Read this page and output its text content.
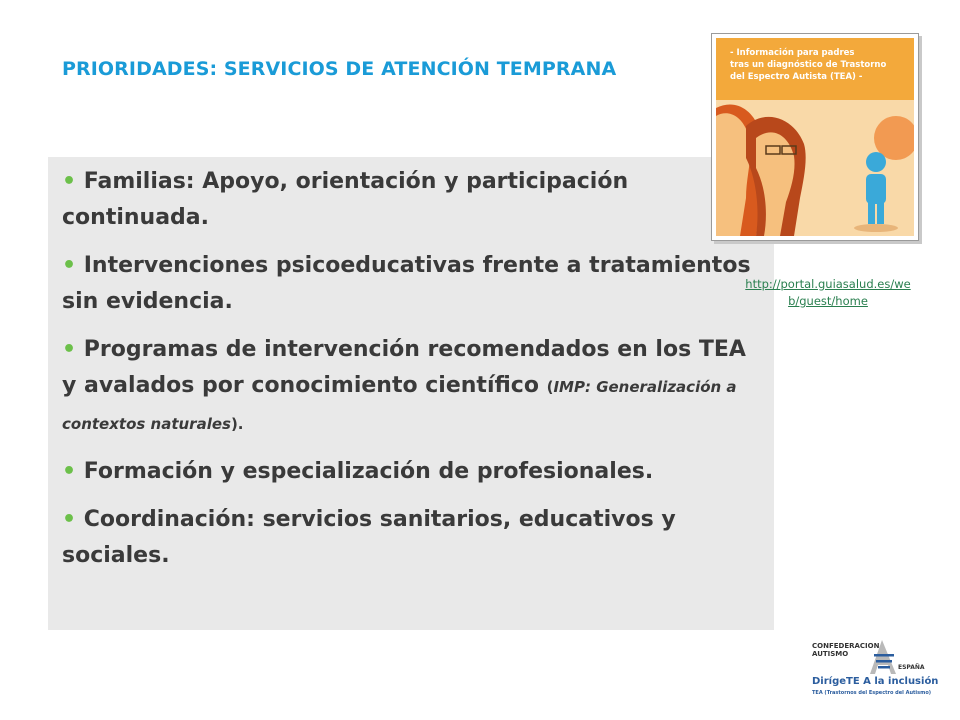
PRIORIDADES: SERVICIOS DE ATENCIÓN TEMPRANA
• Familias: Apoyo, orientación y participación continuada.
• Intervenciones psicoeducativas frente a tratamientos sin evidencia.
• Programas de intervención recomendados en los TEA y avalados por conocimiento científico (IMP: Generalización a contextos naturales).
• Formación y especialización de profesionales.
• Coordinación: servicios sanitarios, educativos y sociales.
- Información para padres
tras un diagnóstico de Trastorno
del Espectro Autista (TEA) -
http://portal.guiasalud.es/we
b/guest/home
CONFEDERACION
AUTISMO
ESPAÑA
DirígeTE A la inclusión
TEA (Trastornos del Espectro del Autismo)
